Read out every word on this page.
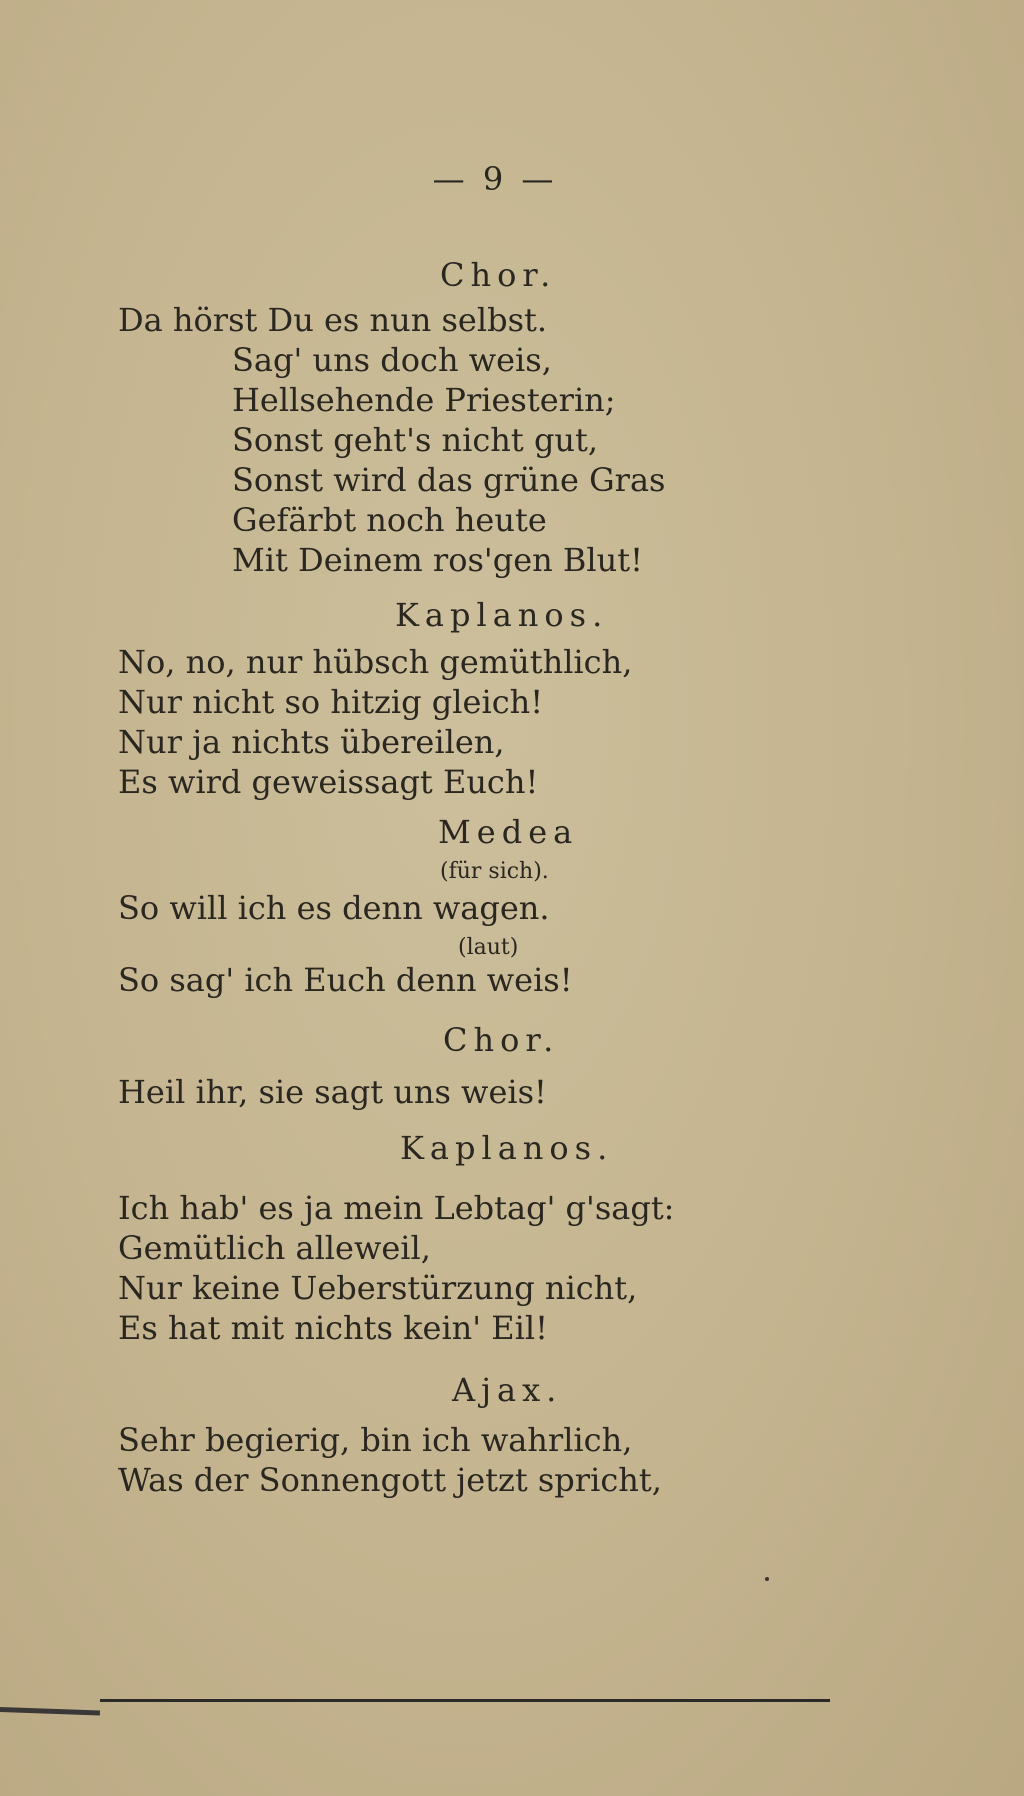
— 9 —
Chor.
Da hörst Du es nun selbst.
Sag' uns doch weis,
Hellsehende Priesterin;
Sonst geht's nicht gut,
Sonst wird das grüne Gras
Gefärbt noch heute
Mit Deinem ros'gen Blut!
Kaplanos.
No, no, nur hübsch gemüthlich,
Nur nicht so hitzig gleich!
Nur ja nichts übereilen,
Es wird geweissagt Euch!
Medea
(für sich).
So will ich es denn wagen.
(laut)
So sag' ich Euch denn weis!
Chor.
Heil ihr, sie sagt uns weis!
Kaplanos.
Ich hab' es ja mein Lebtag' g'sagt:
Gemütlich alleweil,
Nur keine Ueberstürzung nicht,
Es hat mit nichts kein' Eil!
Ajax.
Sehr begierig, bin ich wahrlich,
Was der Sonnengott jetzt spricht,
